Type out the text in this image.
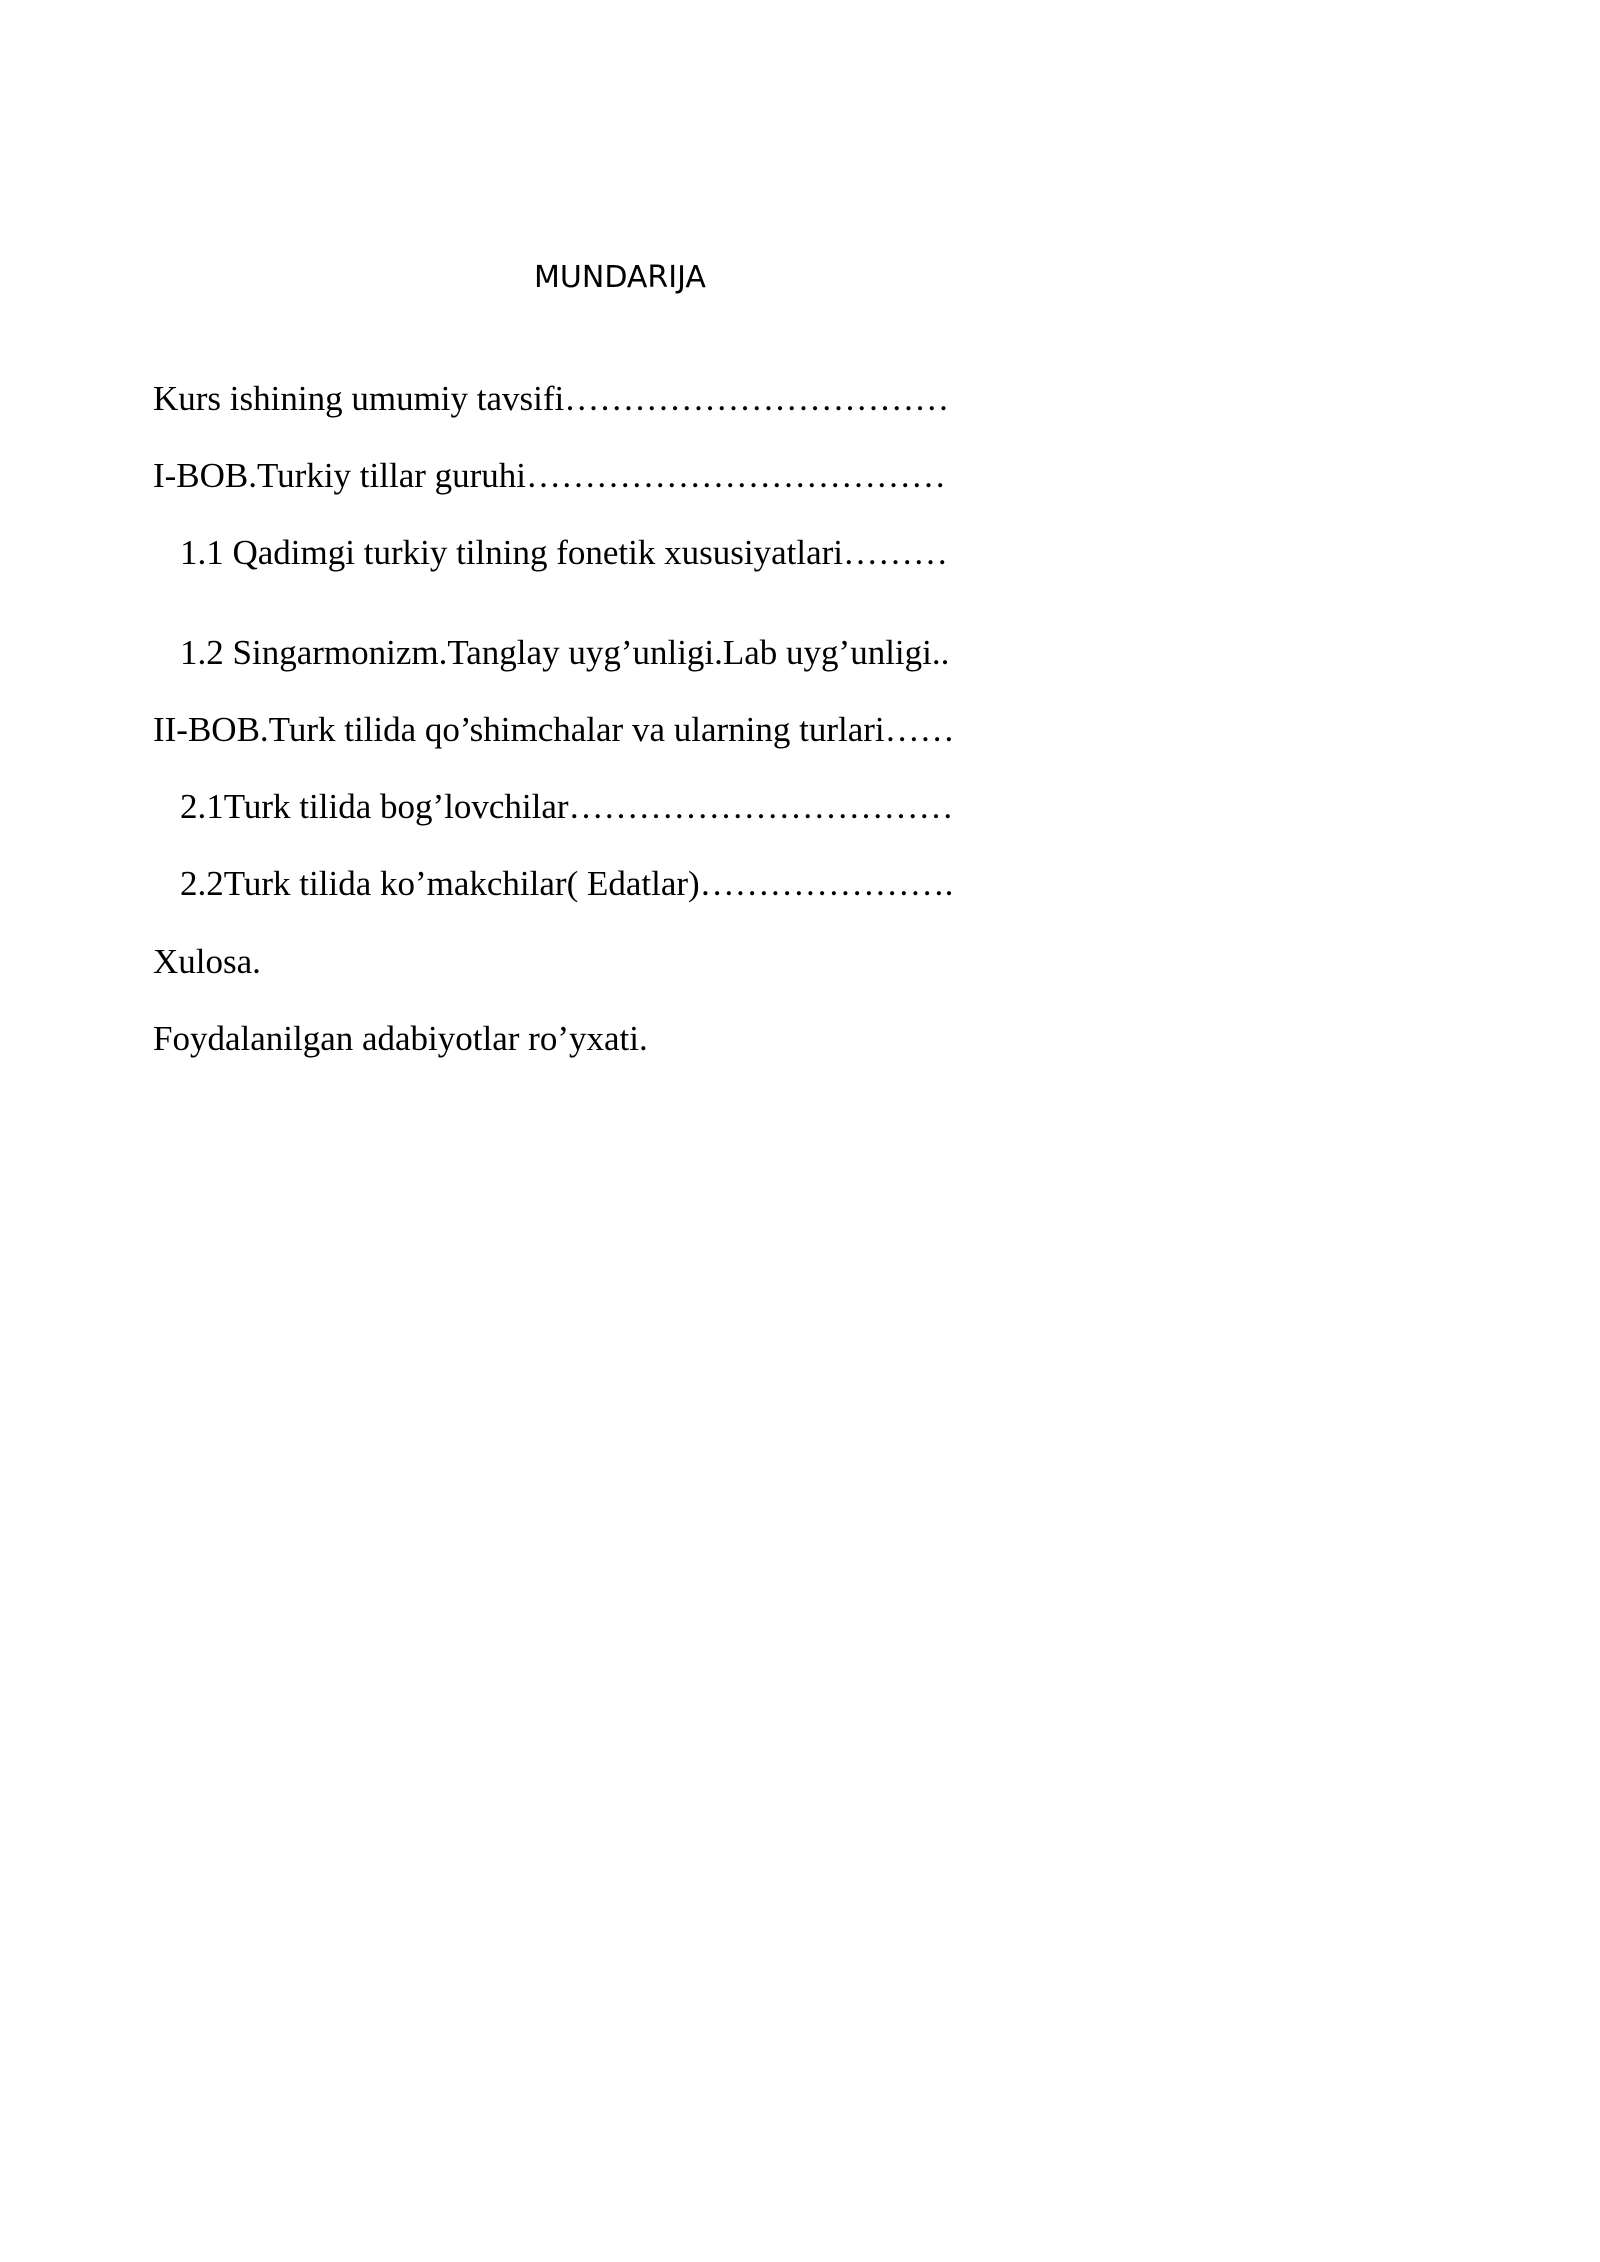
MUNDARIJA
Kurs ishining umumiy tavsifi……………………………
I-BOB.Turkiy tillar guruhi………………………………
1.1 Qadimgi turkiy tilning fonetik xususiyatlari………
1.2 Singarmonizm.Tanglay uyg’unligi.Lab uyg’unligi..
II-BOB.Turk tilida qo’shimchalar va ularning turlari……
2.1Turk tilida bog’lovchilar……………………………
2.2Turk tilida ko’makchilar( Edatlar)………………….
Xulosa.
Foydalanilgan adabiyotlar ro’yxati.
